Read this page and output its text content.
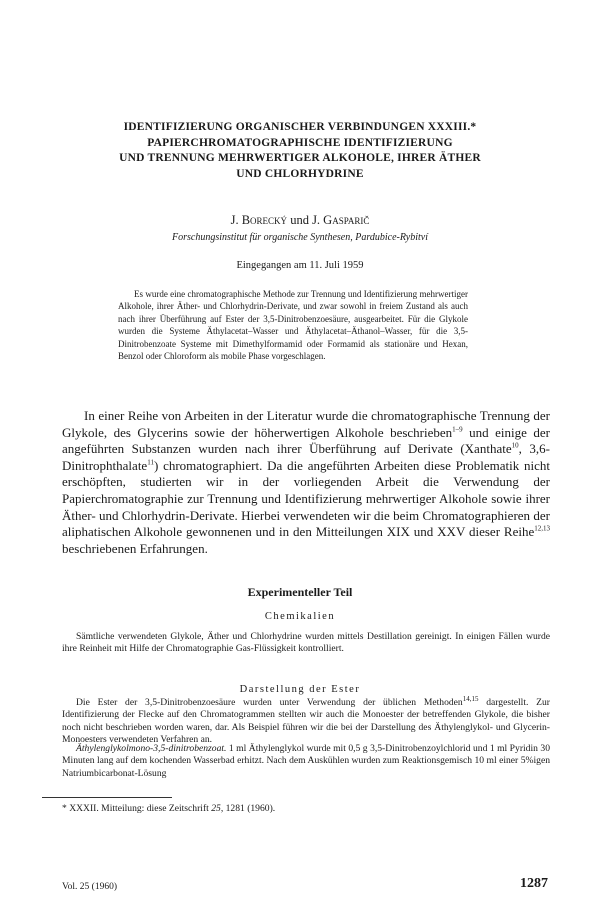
IDENTIFIZIERUNG ORGANISCHER VERBINDUNGEN XXXIII.*
PAPIERCHROMATOGRAPHISCHE IDENTIFIZIERUNG
UND TRENNUNG MEHRWERTIGER ALKOHOLE, IHRER ÄTHER
UND CHLORHYDRINE
J. Borecký und J. Gasparič
Forschungsinstitut für organische Synthesen, Pardubice-Rybitví
Eingegangen am 11. Juli 1959
Es wurde eine chromatographische Methode zur Trennung und Identifizierung mehrwertiger Alkohole, ihrer Äther- und Chlorhydrin-Derivate, und zwar sowohl in freiem Zustand als auch nach ihrer Überführung auf Ester der 3,5-Dinitrobenzoesäure, ausgearbeitet. Für die Glykole wurden die Systeme Äthylacetat–Wasser und Äthylacetat–Äthanol–Wasser, für die 3,5-Dinitrobenzoate Systeme mit Dimethylformamid oder Formamid als stationäre und Hexan, Benzol oder Chloroform als mobile Phase vorgeschlagen.
In einer Reihe von Arbeiten in der Literatur wurde die chromatographische Trennung der Glykole, des Glycerins sowie der höherwertigen Alkohole beschrieben$^{1-9}$ und einige der angeführten Substanzen wurden nach ihrer Überführung auf Derivate (Xanthate$^{10}$, 3,6-Dinitrophthalate$^{11}$) chromatographiert. Da die angeführten Arbeiten diese Problematik nicht erschöpften, studierten wir in der vorliegenden Arbeit die Verwendung der Papierchromatographie zur Trennung und Identifizierung mehrwertiger Alkohole sowie ihrer Äther- und Chlorhydrin-Derivate. Hierbei verwendeten wir die beim Chromatographieren der aliphatischen Alkohole gewonnenen und in den Mitteilungen XIX und XXV dieser Reihe$^{12,13}$ beschriebenen Erfahrungen.
Experimenteller Teil
Chemikalien
Sämtliche verwendeten Glykole, Äther und Chlorhydrine wurden mittels Destillation gereinigt. In einigen Fällen wurde ihre Reinheit mit Hilfe der Chromatographie Gas-Flüssigkeit kontrolliert.
Darstellung der Ester
Die Ester der 3,5-Dinitrobenzoesäure wurden unter Verwendung der üblichen Methoden$^{14,15}$ dargestellt. Zur Identifizierung der Flecke auf den Chromatogrammen stellten wir auch die Monoester der betreffenden Glykole, die bisher noch nicht beschrieben worden waren, dar. Als Beispiel führen wir die bei der Darstellung des Äthylenglykol- und Glycerin-Monoesters verwendeten Verfahren an.
Äthylenglykolmono-3,5-dinitrobenzoat. 1 ml Äthylenglykol wurde mit 0,5 g 3,5-Dinitrobenzoylchlorid und 1 ml Pyridin 30 Minuten lang auf dem kochenden Wasserbad erhitzt. Nach dem Auskühlen wurden zum Reaktionsgemisch 10 ml einer 5%igen Natriumbicarbonat-Lösung
* XXXII. Mitteilung: diese Zeitschrift 25, 1281 (1960).
Vol. 25 (1960)	1287
